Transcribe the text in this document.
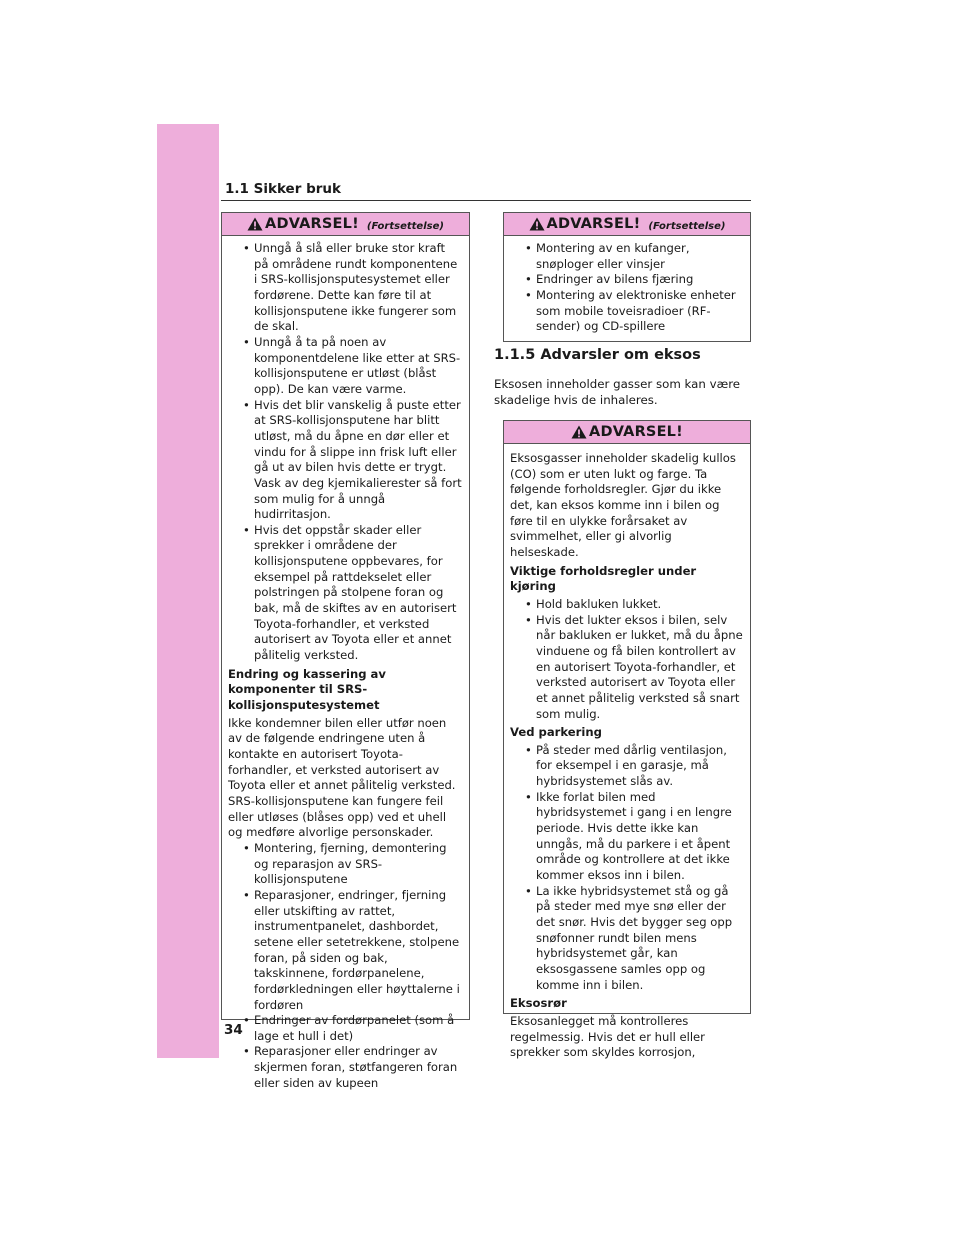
1.1 Sikker bruk
ADVARSEL! (Fortsettelse)

• Unngå å slå eller bruke stor kraft på områdene rundt komponentene i SRS-kollisjonsputesystemet eller fordørene. Dette kan føre til at kollisjonsputene ikke fungerer som de skal.

• Unngå å ta på noen av komponentdelene like etter at SRS-kollisjonsputene er utløst (blåst opp). De kan være varme.

• Hvis det blir vanskelig å puste etter at SRS-kollisjonsputene har blitt utløst, må du åpne en dør eller et vindu for å slippe inn frisk luft eller gå ut av bilen hvis dette er trygt. Vask av deg kjemikalierester så fort som mulig for å unngå hudirritasjon.

• Hvis det oppstår skader eller sprekker i områdene der kollisjonsputene oppbevares, for eksempel på rattdekselet eller polstringen på stolpene foran og bak, må de skiftes av en autorisert Toyota-forhandler, et verksted autorisert av Toyota eller et annet pålitelig verksted.

Endring og kassering av komponenter til SRS-kollisjonsputesystemet

Ikke kondemner bilen eller utfør noen av de følgende endringene uten å kontakte en autorisert Toyota-forhandler, et verksted autorisert av Toyota eller et annet pålitelig verksted. SRS-kollisjonsputene kan fungere feil eller utløses (blåses opp) ved et uhell og medføre alvorlige personskader.

• Montering, fjerning, demontering og reparasjon av SRS-kollisjonsputene

• Reparasjoner, endringer, fjerning eller utskifting av rattet, instrumentpanelet, dashbordet, setene eller setetrekkene, stolpene foran, på siden og bak, takskinnene, fordørpanelene, fordørkledningen eller høyttalerne i fordøren

• Endringer av fordørpanelet (som å lage et hull i det)

• Reparasjoner eller endringer av skjermen foran, støtfangeren foran eller siden av kupeen

ADVARSEL! (Fortsettelse)

• Montering av en kufanger, snøploger eller vinsjer

• Endringer av bilens fjæring

• Montering av elektroniske enheter som mobile toveisradioer (RF-sender) og CD-spillere

1.1.5 Advarsler om eksos

Eksosen inneholder gasser som kan være skadelige hvis de inhaleres.

ADVARSEL!

Eksosgasser inneholder skadelig kullos (CO) som er uten lukt og farge. Ta følgende forholdsregler. Gjør du ikke det, kan eksos komme inn i bilen og føre til en ulykke forårsaket av svimmelhet, eller gi alvorlig helseskade.

Viktige forholdsregler under kjøring

• Hold bakluken lukket.

• Hvis det lukter eksos i bilen, selv når bakluken er lukket, må du åpne vinduene og få bilen kontrollert av en autorisert Toyota-forhandler, et verksted autorisert av Toyota eller et annet pålitelig verksted så snart som mulig.

Ved parkering

• På steder med dårlig ventilasjon, for eksempel i en garasje, må hybridsystemet slås av.

• Ikke forlat bilen med hybridsystemet i gang i en lengre periode. Hvis dette ikke kan unngås, må du parkere i et åpent område og kontrollere at det ikke kommer eksos inn i bilen.

• La ikke hybridsystemet stå og gå på steder med mye snø eller der det snør. Hvis det bygger seg opp snøfonner rundt bilen mens hybridsystemet går, kan eksosgassene samles opp og komme inn i bilen.

Eksosrør

Eksosanlegget må kontrolleres regelmessig. Hvis det er hull eller sprekker som skyldes korrosjon,

34
